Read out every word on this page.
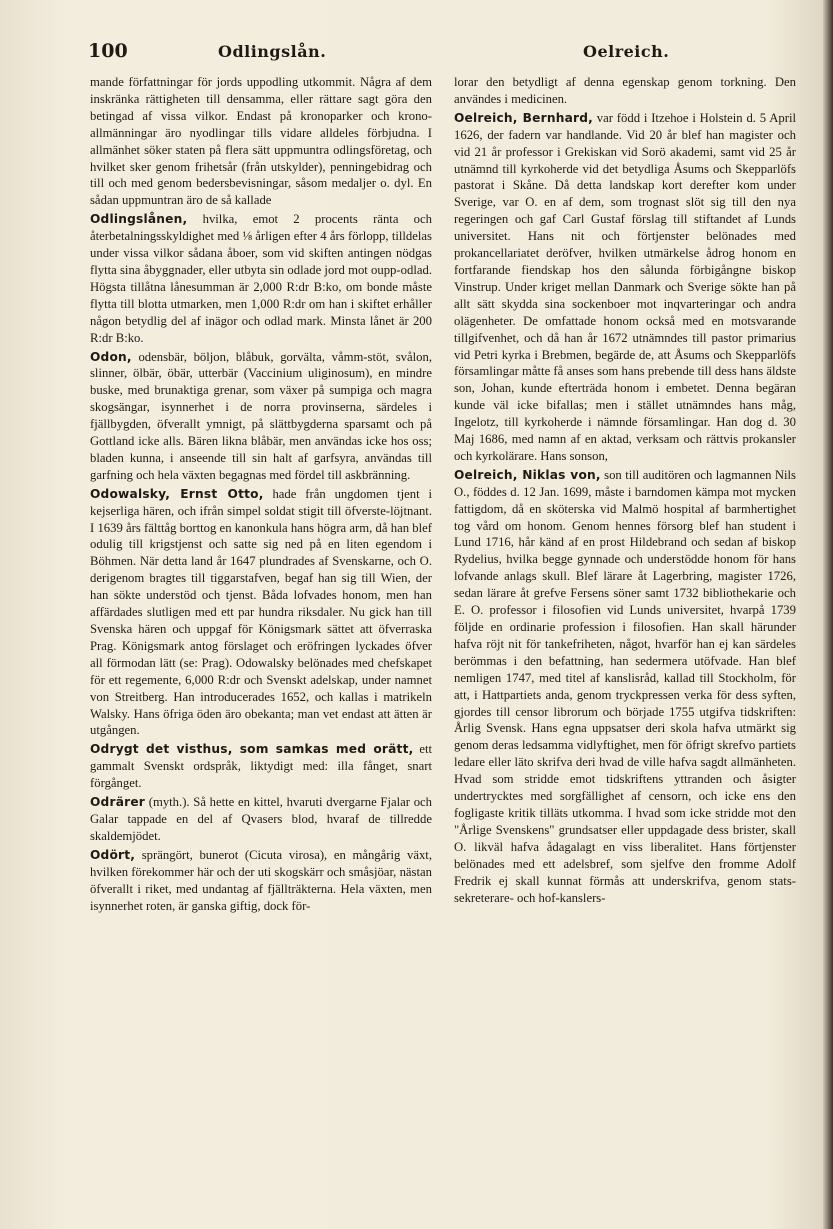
100	Odlingslån.	Oelreich.

mande författningar för jords uppodling utkommit. Några af dem inskränka rättigheten till densamma, eller rättare sagt göra den betingad af vissa vilkor. Endast på kronoparker och krono-allmänningar äro nyodlingar tills vidare alldeles förbjudna. I allmänhet söker staten på flera sätt uppmuntra odlingsföretag, och hvilket sker genom frihetsår (från utskylder), penningebidrag och till och med genom bedersbevisningar, såsom medaljer o. dyl. En sådan uppmuntran äro de så kallade

Odlingslånen, hvilka, emot 2 procents ränta och återbetalningsskyldighet med ⅛ årligen efter 4 års förlopp, tilldelas under vissa vilkor sådana åboer, som vid skiften antingen nödgas flytta sina åbyggnader, eller utbyta sin odlade jord mot oupp-odlad. Högsta tillåtna lånesumman är 2,000 R:dr B:ko, om bonde måste flytta till blotta utmarken, men 1,000 R:dr om han i skiftet erhåller någon betydlig del af inägor och odlad mark. Minsta lånet är 200 R:dr B:ko.

Odon, odensbär, böljon, blåbuk, gorvälta, våmm-stöt, svålon, slinner, ölbär, öbär, utterbär (Vaccinium uliginosum), en mindre buske, med brunaktiga grenar, som växer på sumpiga och magra skogsängar, isynnerhet i de norra provinserna, särdeles i fjällbygden, öfverallt ymnigt, på slättbygderna sparsamt och på Gottland icke alls. Bären likna blåbär, men användas icke hos oss; bladen kunna, i anseende till sin halt af garfsyra, användas till garfning och hela växten begagnas med fördel till askbränning.

Odowalsky, Ernst Otto, hade från ungdomen tjent i kejserliga hären, och ifrån simpel soldat stigit till öfverste-löjtnant. I 1639 års fälttåg borttog en kanonkula hans högra arm, då han blef odulig till krigstjenst och satte sig ned på en liten egendom i Böhmen. När detta land år 1647 plundrades af Svenskarne, och O. derigenom bragtes till tiggarstafven, begaf han sig till Wien, der han sökte understöd och tjenst. Båda lofvades honom, men han affärdades slutligen med ett par hundra riksdaler. Nu gick han till Svenska hären och uppgaf för Königsmark sättet att öfverraska Prag. Königsmark antog förslaget och eröfringen lyckades öfver all förmodan lätt (se: Prag). Odowalsky belönades med chefskapet för ett regemente, 6,000 R:dr och Svenskt adelskap, under namnet von Streitberg. Han introducerades 1652, och kallas i matrikeln Walsky. Hans öfriga öden äro obekanta; man vet endast att ätten är utgången.

Odrygt det visthus, som samkas med orätt, ett gammalt Svenskt ordspråk, liktydigt med: illa fånget, snart förgånget.

Odrärer (myth.). Så hette en kittel, hvaruti dvergarne Fjalar och Galar tappade en del af Qvasers blod, hvaraf de tillredde skaldemjödet.

Odört, sprängört, bunerot (Cicuta virosa), en mångårig växt, hvilken förekommer här och der uti skogskärr och småsjöar, nästan öfverallt i riket, med undantag af fjällträkterna. Hela växten, men isynnerhet roten, är ganska giftig, dock för-

lorar den betydligt af denna egenskap genom torkning. Den användes i medicinen.

Oelreich, Bernhard, var född i Itzehoe i Holstein d. 5 April 1626, der fadern var handlande. Vid 20 år blef han magister och vid 21 år professor i Grekiskan vid Sorö akademi, samt vid 25 år utnämnd till kyrkoherde vid det betydliga Åsums och Skepparlöfs pastorat i Skåne. Då detta landskap kort derefter kom under Sverige, var O. en af dem, som trognast slöt sig till den nya regeringen och gaf Carl Gustaf förslag till stiftandet af Lunds universitet. Hans nit och förtjenster belönades med prokancellariatet deröfver, hvilken utmärkelse ådrog honom en fortfarande fiendskap hos den sålunda förbigångne biskop Vinstrup. Under kriget mellan Danmark och Sverige sökte han på allt sätt skydda sina sockenboer mot inqvarteringar och andra olägenheter. De omfattade honom också med en motsvarande tillgifvenhet, och då han år 1672 utnämndes till pastor primarius vid Petri kyrka i Brebmen, begärde de, att Åsums och Skepparlöfs församlingar måtte få anses som hans prebende till dess hans äldste son, Johan, kunde efterträda honom i embetet. Denna begäran kunde väl icke bifallas; men i stället utnämndes hans måg, Ingelotz, till kyrkoherde i nämnde församlingar. Han dog d. 30 Maj 1686, med namn af en aktad, verksam och rättvis prokansler och kyrkolärare. Hans sonson,

Oelreich, Niklas von, son till auditören och lagmannen Nils O., föddes d. 12 Jan. 1699, måste i barndomen kämpa mot mycken fattigdom, då en sköterska vid Malmö hospital af barmhertighet tog vård om honom. Genom hennes försorg blef han student i Lund 1716, hår känd af en prost Hildebrand och sedan af biskop Rydelius, hvilka begge gynnade och understödde honom för hans lofvande anlags skull. Blef lärare åt Lagerbring, magister 1726, sedan lärare åt grefve Fersens söner samt 1732 bibliothekarie och E. O. professor i filosofien vid Lunds universitet, hvarpå 1739 följde en ordinarie profession i filosofien. Han skall härunder hafva röjt nit för tankefriheten, något, hvarför han ej kan särdeles berömmas i den befattning, han sedermera utöfvade. Han blef nemligen 1747, med titel af kanslisråd, kallad till Stockholm, för att, i Hattpartiets anda, genom tryckpressen verka för dess syften, gjordes till censor librorum och började 1755 utgifva tidskriften: Årlig Svensk. Hans egna uppsatser deri skola hafva utmärkt sig genom deras ledsamma vidlyftighet, men för öfrigt skrefvo partiets ledare eller läto skrifva deri hvad de ville hafva sagdt allmänheten. Hvad som stridde emot tidskriftens yttranden och åsigter undertrycktes med sorgfällighet af censorn, och icke ens den fogligaste kritik tilläts utkomma. I hvad som icke stridde mot den "Årlige Svenskens" grundsatser eller uppdagade dess brister, skall O. likväl hafva ådagalagt en viss liberalitet. Hans förtjenster belönades med ett adelsbref, som sjelfve den fromme Adolf Fredrik ej skall kunnat förmås att underskrifva, genom stats-sekreterare- och hof-kanslers-
